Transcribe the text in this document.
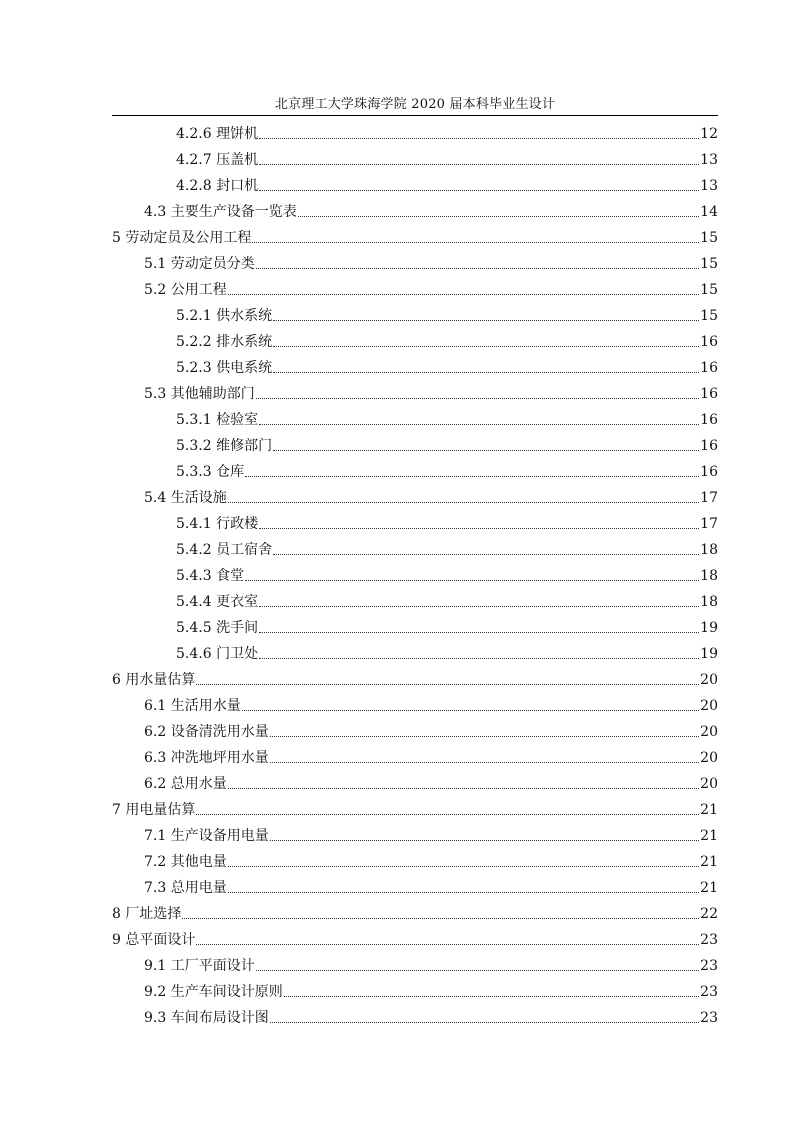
北京理工大学珠海学院 2020 届本科毕业生设计
4.2.6 理饼机	12
4.2.7 压盖机	13
4.2.8 封口机	13
4.3 主要生产设备一览表	14
5 劳动定员及公用工程	15
5.1 劳动定员分类	15
5.2 公用工程	15
5.2.1 供水系统	15
5.2.2 排水系统	16
5.2.3 供电系统	16
5.3 其他辅助部门	16
5.3.1 检验室	16
5.3.2 维修部门	16
5.3.3 仓库	16
5.4 生活设施	17
5.4.1 行政楼	17
5.4.2 员工宿舍	18
5.4.3 食堂	18
5.4.4 更衣室	18
5.4.5 洗手间	19
5.4.6 门卫处	19
6 用水量估算	20
6.1 生活用水量	20
6.2 设备清洗用水量	20
6.3 冲洗地坪用水量	20
6.2 总用水量	20
7 用电量估算	21
7.1 生产设备用电量	21
7.2 其他电量	21
7.3 总用电量	21
8 厂址选择	22
9 总平面设计	23
9.1 工厂平面设计	23
9.2 生产车间设计原则	23
9.3 车间布局设计图	23
